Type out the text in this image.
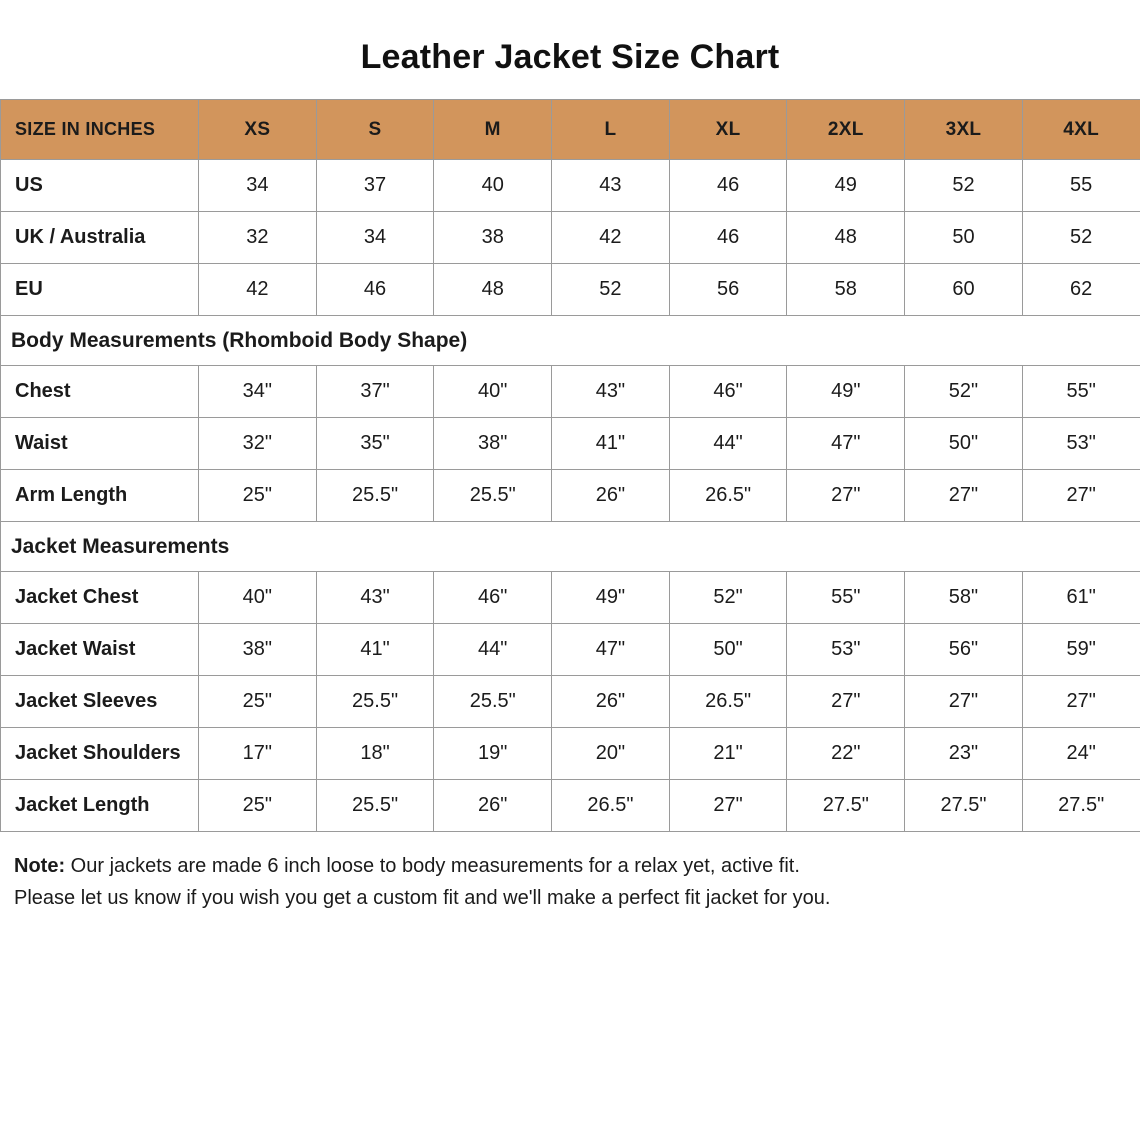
Leather Jacket Size Chart
SIZE IN INCHES	XS	S	M	L	XL	2XL	3XL	4XL
US	34	37	40	43	46	49	52	55
UK / Australia	32	34	38	42	46	48	50	52
EU	42	46	48	52	56	58	60	62
Body Measurements (Rhomboid Body Shape)								
Chest	34"	37"	40"	43"	46"	49"	52"	55"
Waist	32"	35"	38"	41"	44"	47"	50"	53"
Arm Length	25"	25.5"	25.5"	26"	26.5"	27"	27"	27"
Jacket Measurements								
Jacket Chest	40"	43"	46"	49"	52"	55"	58"	61"
Jacket Waist	38"	41"	44"	47"	50"	53"	56"	59"
Jacket Sleeves	25"	25.5"	25.5"	26"	26.5"	27"	27"	27"
Jacket Shoulders	17"	18"	19"	20"	21"	22"	23"	24"
Jacket Length	25"	25.5"	26"	26.5"	27"	27.5"	27.5"	27.5"
Note: Our jackets are made 6 inch loose to body measurements for a relax yet, active fit.
Please let us know if you wish you get a custom fit and we'll make a perfect fit jacket for you.
